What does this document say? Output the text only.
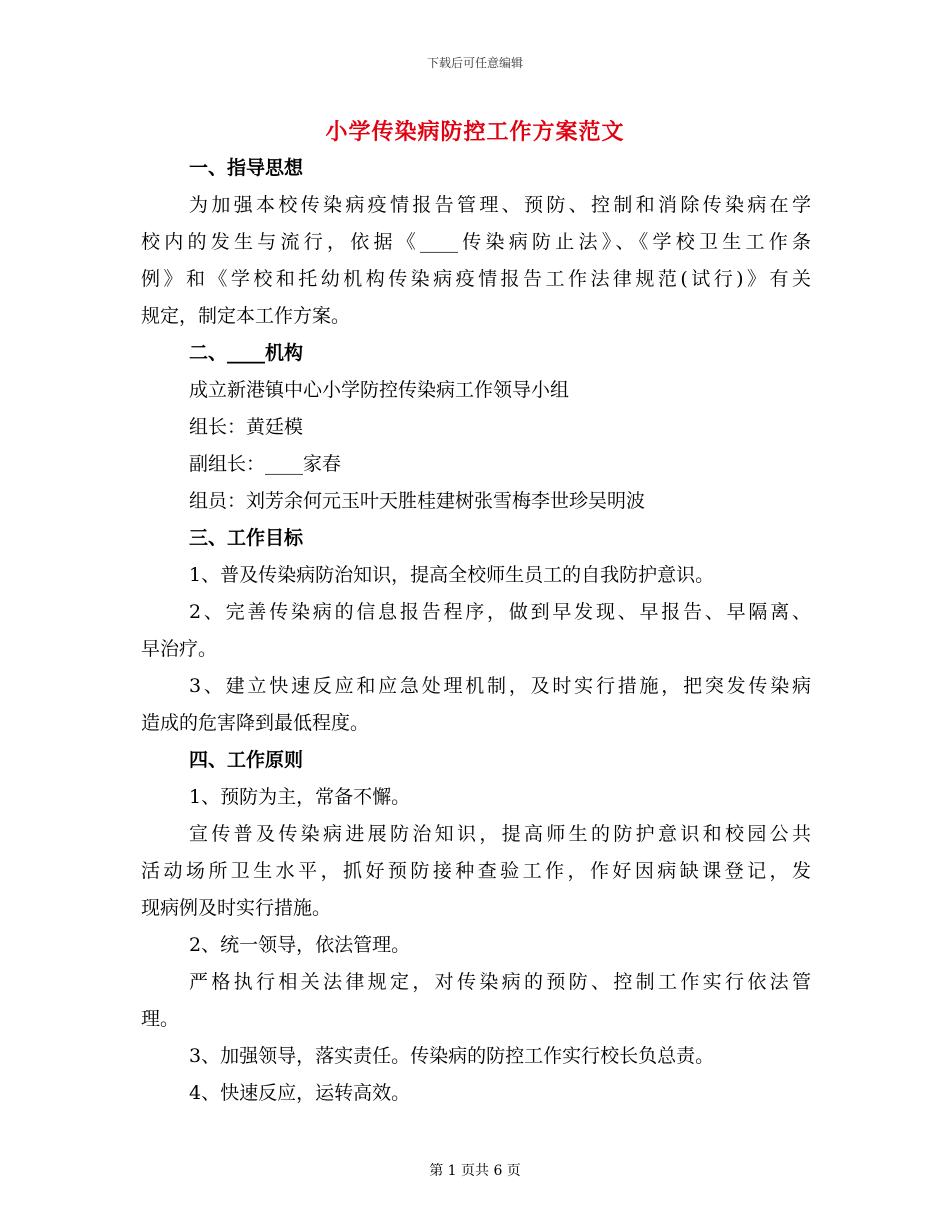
下载后可任意编辑
小学传染病防控工作方案范文
一、指导思想
为加强本校传染病疫情报告管理、预防、控制和消除传染病在学
校内的发生与流行，依据《____传染病防止法》、《学校卫生工作条
例》和《学校和托幼机构传染病疫情报告工作法律规范(试行)》有关
规定，制定本工作方案。
二、____机构
成立新港镇中心小学防控传染病工作领导小组
组长：黄廷模
副组长：____家春
组员：刘芳余何元玉叶天胜桂建树张雪梅李世珍吴明波
三、工作目标
1、普及传染病防治知识，提高全校师生员工的自我防护意识。
2、完善传染病的信息报告程序，做到早发现、早报告、早隔离、
早治疗。
3、建立快速反应和应急处理机制，及时实行措施，把突发传染病
造成的危害降到最低程度。
四、工作原则
1、预防为主，常备不懈。
宣传普及传染病进展防治知识，提高师生的防护意识和校园公共
活动场所卫生水平，抓好预防接种查验工作，作好因病缺课登记，发
现病例及时实行措施。
2、统一领导，依法管理。
严格执行相关法律规定，对传染病的预防、控制工作实行依法管
理。
3、加强领导，落实责任。传染病的防控工作实行校长负总责。
4、快速反应，运转高效。
第 1 页共 6 页
